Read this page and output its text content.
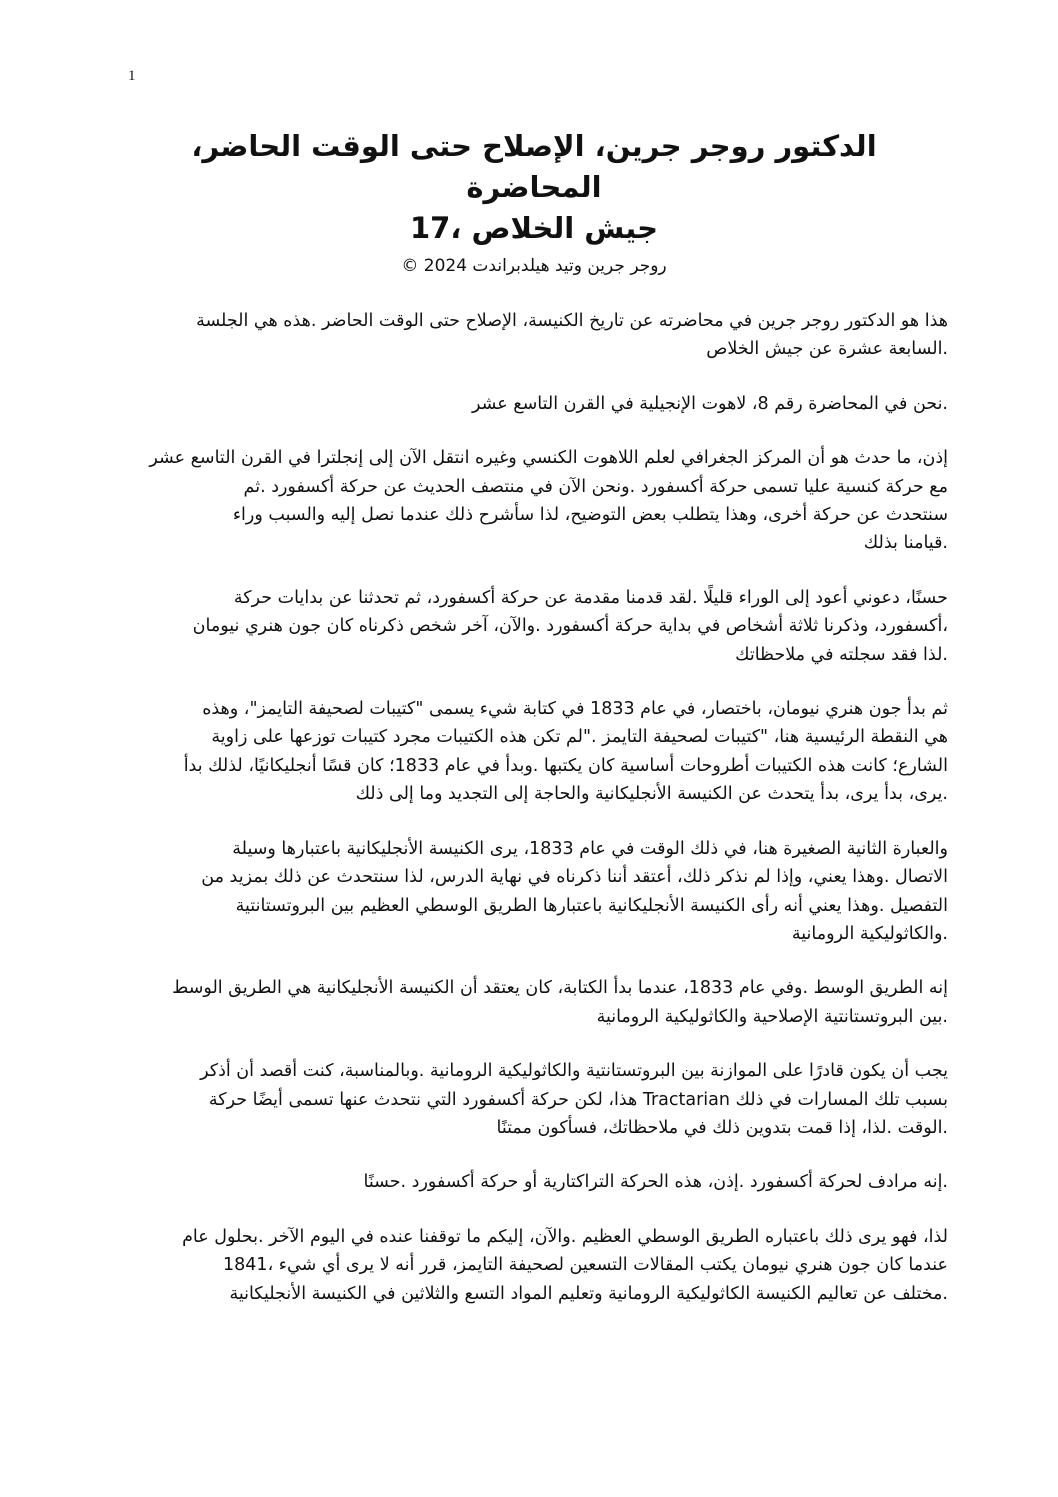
1
الدكتور روجر جرين، الإصلاح حتى الوقت الحاضر، المحاضرة
جيش الخلاص ،17
روجر جرين وتيد هيلدبراندت 2024 ©
هذا هو الدكتور روجر جرين في محاضرته عن تاريخ الكنيسة، الإصلاح حتى الوقت الحاضر .هذه هي الجلسة
.السابعة عشرة عن جيش الخلاص
.نحن في المحاضرة رقم 8، لاهوت الإنجيلية في القرن التاسع عشر
إذن، ما حدث هو أن المركز الجغرافي لعلم اللاهوت الكنسي وغيره انتقل الآن إلى إنجلترا في القرن التاسع عشر
مع حركة كنسية عليا تسمى حركة أكسفورد .ونحن الآن في منتصف الحديث عن حركة أكسفورد .ثم
سنتحدث عن حركة أخرى، وهذا يتطلب بعض التوضيح، لذا سأشرح ذلك عندما نصل إليه والسبب وراء
.قيامنا بذلك
حسنًا، دعوني أعود إلى الوراء قليلًا .لقد قدمنا مقدمة عن حركة أكسفورد، ثم تحدثنا عن بدايات حركة
،أكسفورد، وذكرنا ثلاثة أشخاص في بداية حركة أكسفورد .والآن، آخر شخص ذكرناه كان جون هنري نيومان
.لذا فقد سجلته في ملاحظاتك
ثم بدأ جون هنري نيومان، باختصار، في عام 1833 في كتابة شيء يسمى "كتيبات لصحيفة التايمز"، وهذه
هي النقطة الرئيسية هنا، "كتيبات لصحيفة التايمز ."لم تكن هذه الكتيبات مجرد كتيبات توزعها على زاوية
الشارع؛ كانت هذه الكتيبات أطروحات أساسية كان يكتبها .وبدأ في عام 1833؛ كان قسًا أنجليكانيًا، لذلك بدأ
.يرى، بدأ يرى، بدأ يتحدث عن الكنيسة الأنجليكانية والحاجة إلى التجديد وما إلى ذلك
والعبارة الثانية الصغيرة هنا، في ذلك الوقت في عام 1833، يرى الكنيسة الأنجليكانية باعتبارها وسيلة
الاتصال .وهذا يعني، وإذا لم نذكر ذلك، أعتقد أننا ذكرناه في نهاية الدرس، لذا سنتحدث عن ذلك بمزيد من
التفصيل .وهذا يعني أنه رأى الكنيسة الأنجليكانية باعتبارها الطريق الوسطي العظيم بين البروتستانتية
.والكاثوليكية الرومانية
إنه الطريق الوسط .وفي عام 1833، عندما بدأ الكتابة، كان يعتقد أن الكنيسة الأنجليكانية هي الطريق الوسط
.بين البروتستانتية الإصلاحية والكاثوليكية الرومانية
يجب أن يكون قادرًا على الموازنة بين البروتستانتية والكاثوليكية الرومانية .وبالمناسبة، كنت أقصد أن أذكر
بسبب تلك المسارات في ذلك Tractarian هذا، لكن حركة أكسفورد التي نتحدث عنها تسمى أيضًا حركة
.الوقت .لذا، إذا قمت بتدوين ذلك في ملاحظاتك، فسأكون ممتنًا
.إنه مرادف لحركة أكسفورد .إذن، هذه الحركة التراكتارية أو حركة أكسفورد .حسنًا
لذا، فهو يرى ذلك باعتباره الطريق الوسطي العظيم .والآن، إليكم ما توقفنا عنده في اليوم الآخر .بحلول عام
عندما كان جون هنري نيومان يكتب المقالات التسعين لصحيفة التايمز، قرر أنه لا يرى أي شيء ،1841
.مختلف عن تعاليم الكنيسة الكاثوليكية الرومانية وتعليم المواد التسع والثلاثين في الكنيسة الأنجليكانية
